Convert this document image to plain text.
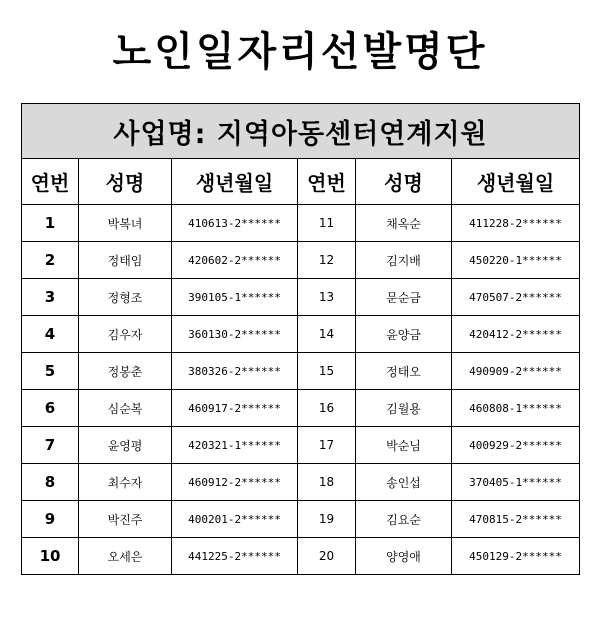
노인일자리선발명단
사업명: 지역아동센터연계지원					
연번	성명	생년월일	연번	성명	생년월일
1	박복녀	410613-2******	11	채옥순	411228-2******
2	정태임	420602-2******	12	김지배	450220-1******
3	정형조	390105-1******	13	문순금	470507-2******
4	김우자	360130-2******	14	윤양금	420412-2******
5	정봉춘	380326-2******	15	정태오	490909-2******
6	심순복	460917-2******	16	김월용	460808-1******
7	윤영평	420321-1******	17	박순님	400929-2******
8	최수자	460912-2******	18	송인섭	370405-1******
9	박진주	400201-2******	19	김요순	470815-2******
10	오세은	441225-2******	20	양영애	450129-2******
